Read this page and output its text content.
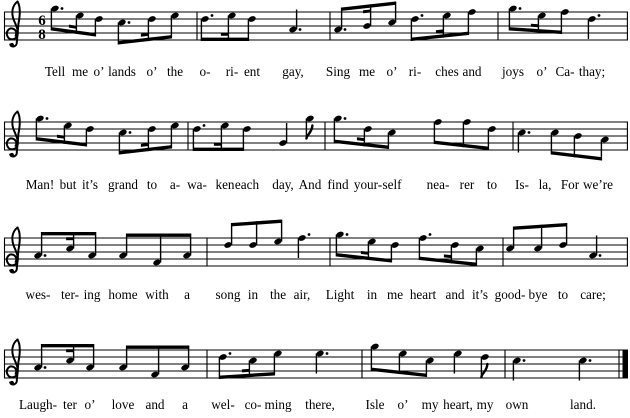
6
8
Tell me o’ lands o’ the o- ri- ent gay, Sing me o’ ri- ches and joys o’ Ca- thay;
Man! but it’s grand to a- wa- ken each day, And find your- self nea- rer to Is- la, For we’re
wes- ter- ing home with a song in the air, Light in me heart and it’s good- bye to care;
Laugh- ter o’ love and a wel- co- ming there, Isle o’ my heart, my own	land.
